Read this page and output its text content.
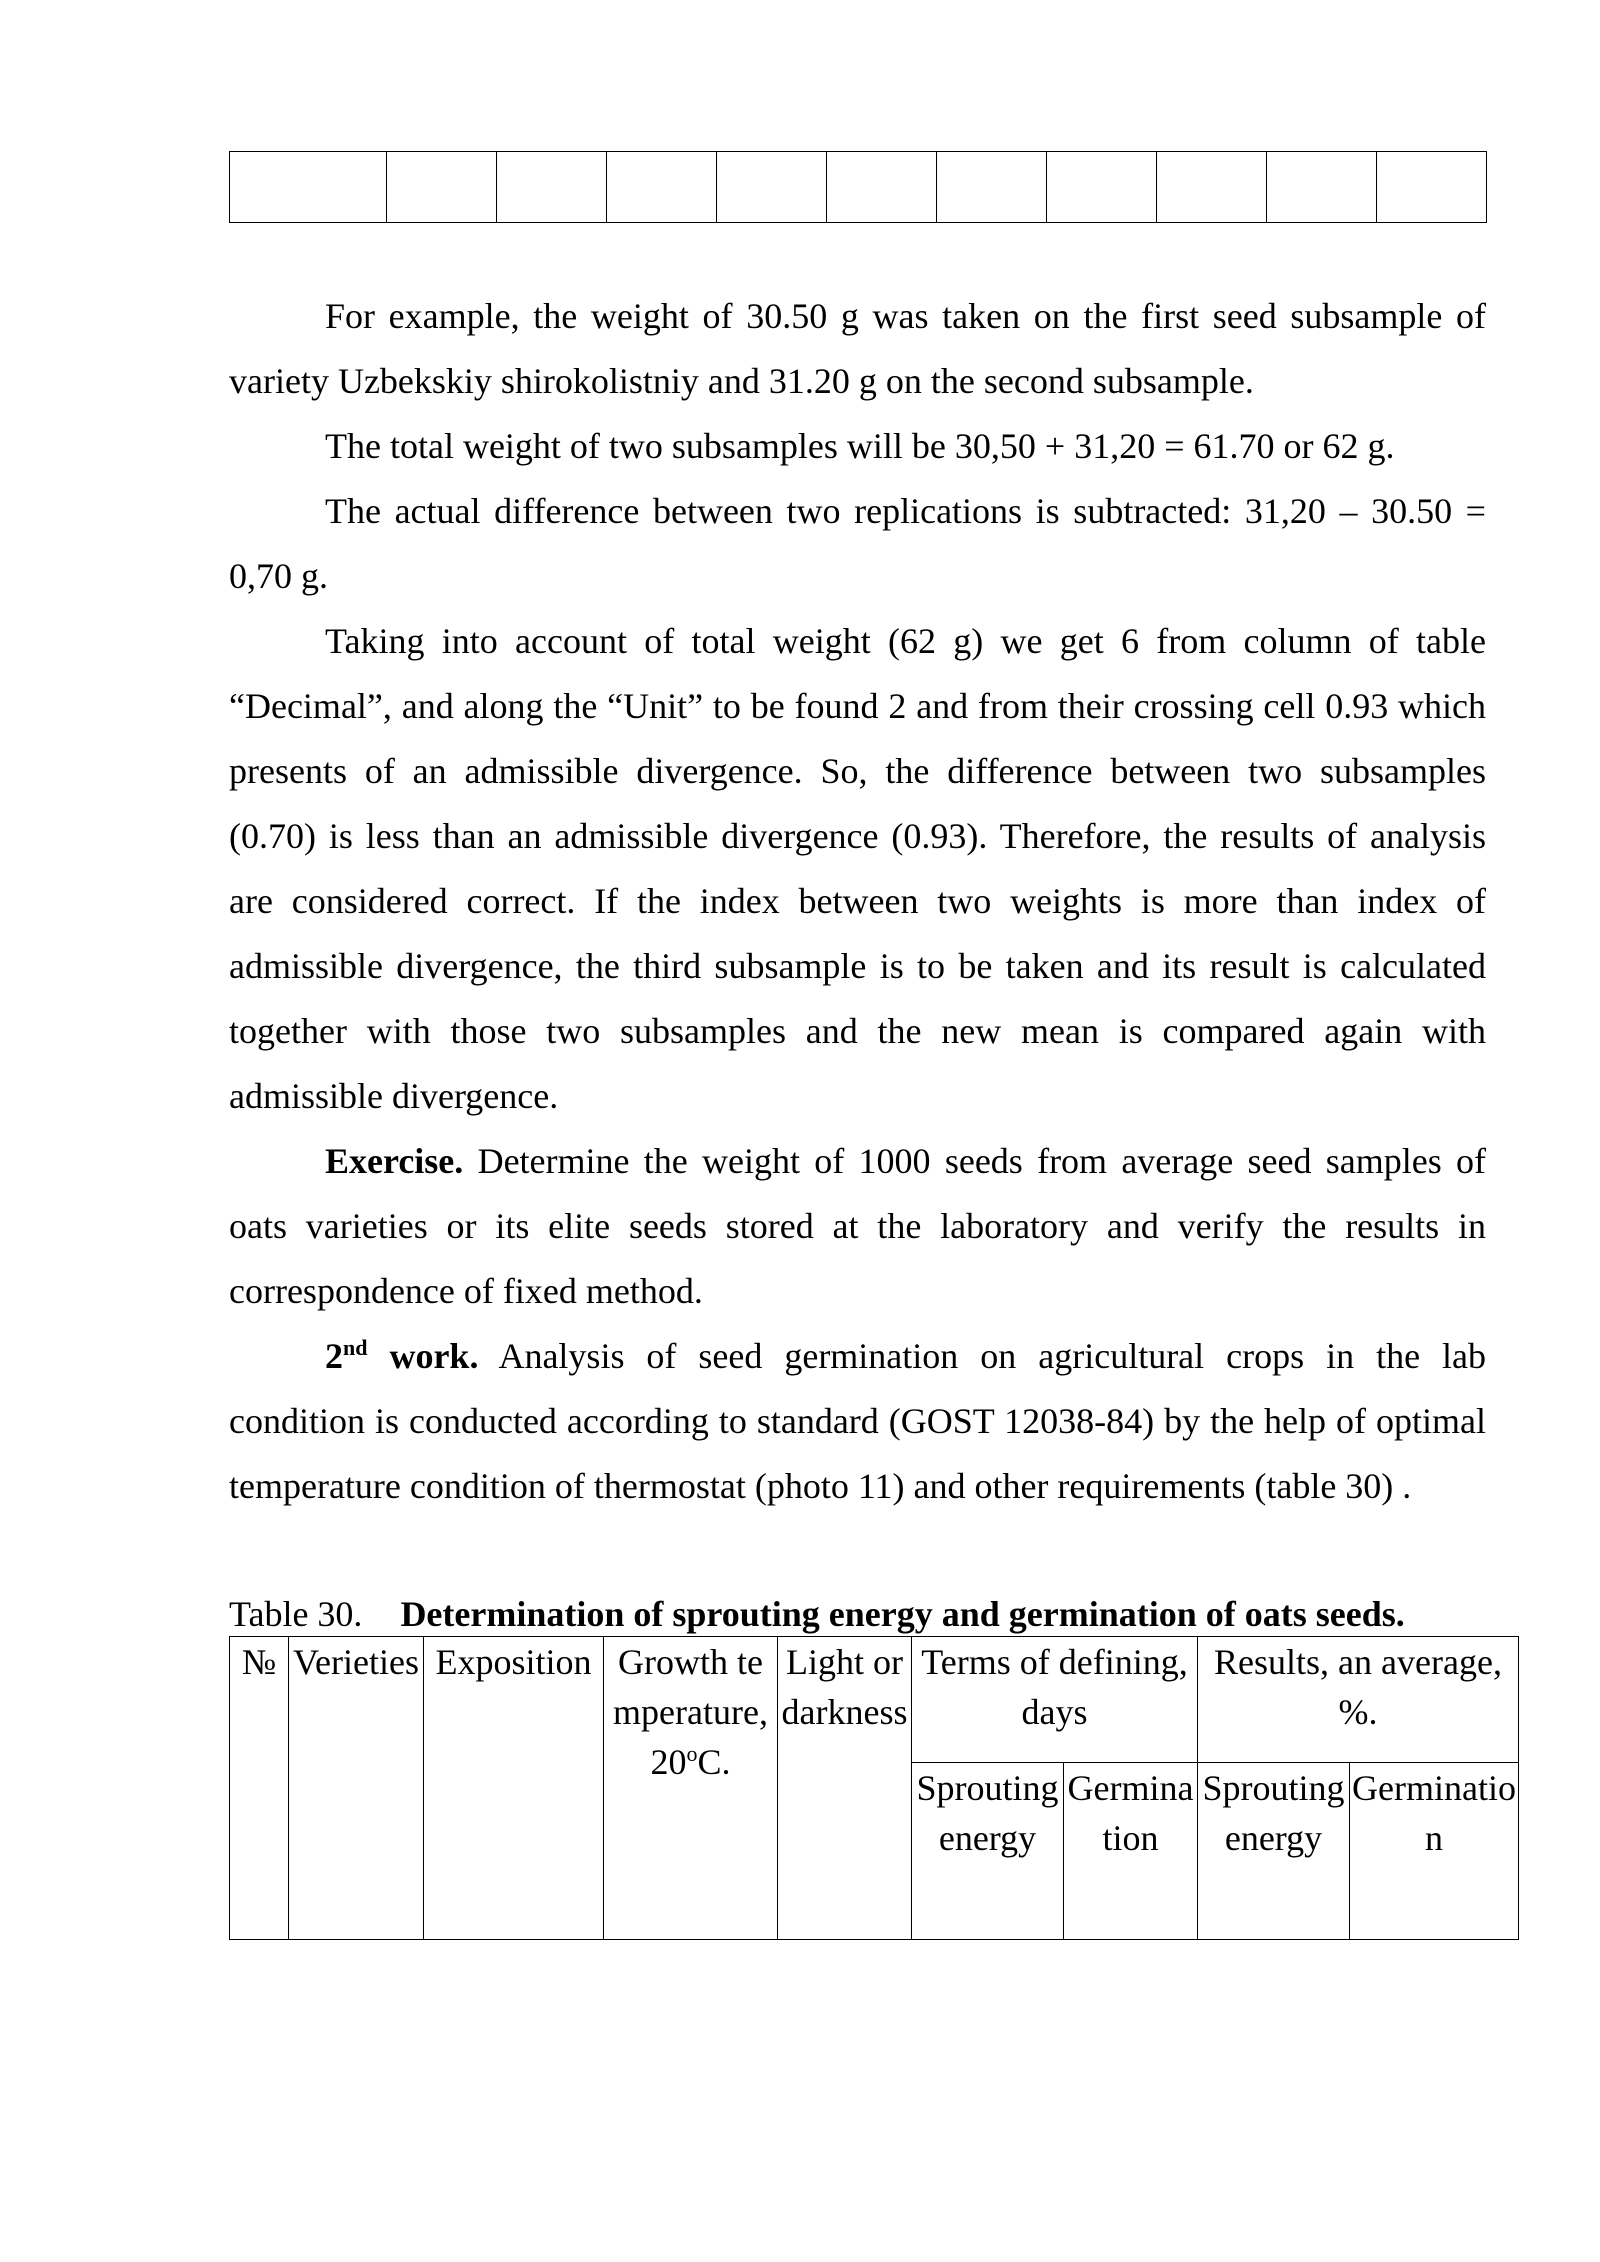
For example, the weight of 30.50 g was taken on the first seed subsample of variety Uzbekskiy shirokolistniy and 31.20 g on the second subsample.

The total weight of two subsamples will be 30,50 + 31,20 = 61.70 or 62 g.

The actual difference between two replications is subtracted: 31,20 – 30.50 = 0,70 g.

Taking into account of total weight (62 g) we get 6 from column of table “Decimal”, and along the “Unit” to be found 2 and from their crossing cell 0.93 which presents of an admissible divergence. So, the difference between two subsamples (0.70) is less than an admissible divergence (0.93). Therefore, the results of analysis are considered correct. If the index between two weights is more than index of admissible divergence, the third subsample is to be taken and its result is calculated together with those two subsamples and the new mean is compared again with admissible divergence.

Exercise. Determine the weight of 1000 seeds from average seed samples of oats varieties or its elite seeds stored at the laboratory and verify the results in correspondence of fixed method.

2nd work. Analysis of seed germination on agricultural crops in the lab condition is conducted according to standard (GOST 12038-84) by the help of optimal temperature condition of thermostat (photo 11) and other requirements (table 30) .

Table 30. Determination of sprouting energy and germination of oats seeds.
№	Verieties	Exposition	Growth temperature, 20$^o$C.	Light or darkness	Terms of defining, days		Results, an average, %.	
					Sprouting energy	Germination	Sprouting energy	Germination
